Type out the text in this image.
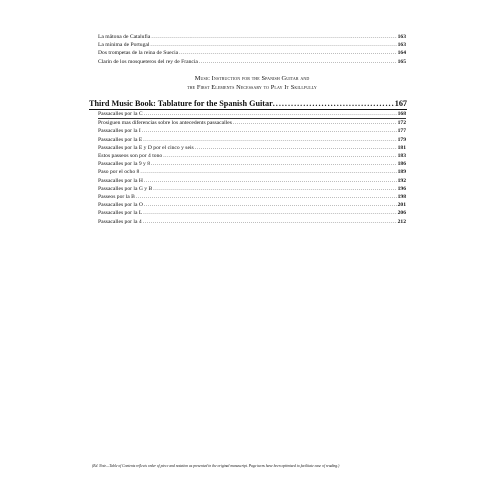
La mâtona de Catalufia .....	163
La mínima de Portugal .....	163
Dos trompetas de la reina de Suecia .....	164
Clarin de los mosqueteros del rey de Francia .....	165
Music Instruction for the Spanish Guitar and
the First Elements Necessary to Play It Skillfully
Third Music Book: Tablature for the Spanish Guitar .....	167
Passacalles por la C .....	168
Prosiguen mas diferencias sobre los antecedents passacalles .....	172
Passacalles por la I .....	177
Passacalles por la E .....	179
Passacalles por la E y D por el cinco y seis .....	181
Estos passeos son por 4 tono .....	183
Passacalles por la 9 y 8 .....	186
Paso por el ocho 8 .....	189
Passacalles por la H .....	192
Passacalles por la G y B .....	196
Passeos por la B .....	198
Passacalles por la O .....	201
Passacalles por la L .....	206
Passacalles por la 4 .....	212
(Ed. Note—Table of Contents reflects order of piece and notation as presented in the original manuscript. Page turns have been optimized to facilitate ease of reading.)
